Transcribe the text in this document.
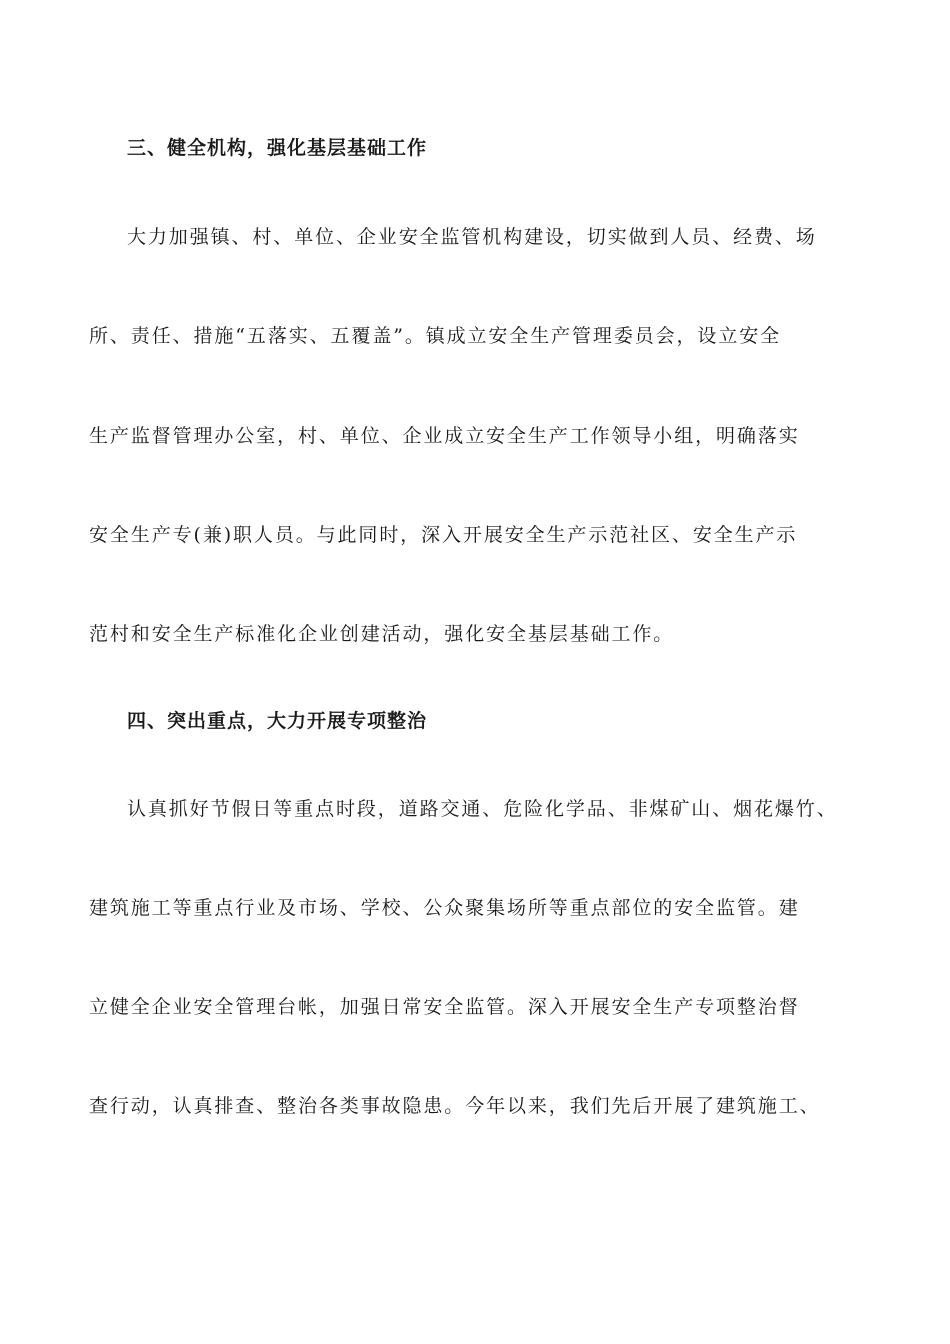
三、健全机构，强化基层基础工作
大力加强镇、村、单位、企业安全监管机构建设，切实做到人员、经费、场
所、责任、措施“五落实、五覆盖”。镇成立安全生产管理委员会，设立安全
生产监督管理办公室，村、单位、企业成立安全生产工作领导小组，明确落实
安全生产专(兼)职人员。与此同时，深入开展安全生产示范社区、安全生产示
范村和安全生产标准化企业创建活动，强化安全基层基础工作。
四、突出重点，大力开展专项整治
认真抓好节假日等重点时段，道路交通、危险化学品、非煤矿山、烟花爆竹、
建筑施工等重点行业及市场、学校、公众聚集场所等重点部位的安全监管。建
立健全企业安全管理台帐，加强日常安全监管。深入开展安全生产专项整治督
查行动，认真排查、整治各类事故隐患。今年以来，我们先后开展了建筑施工、
